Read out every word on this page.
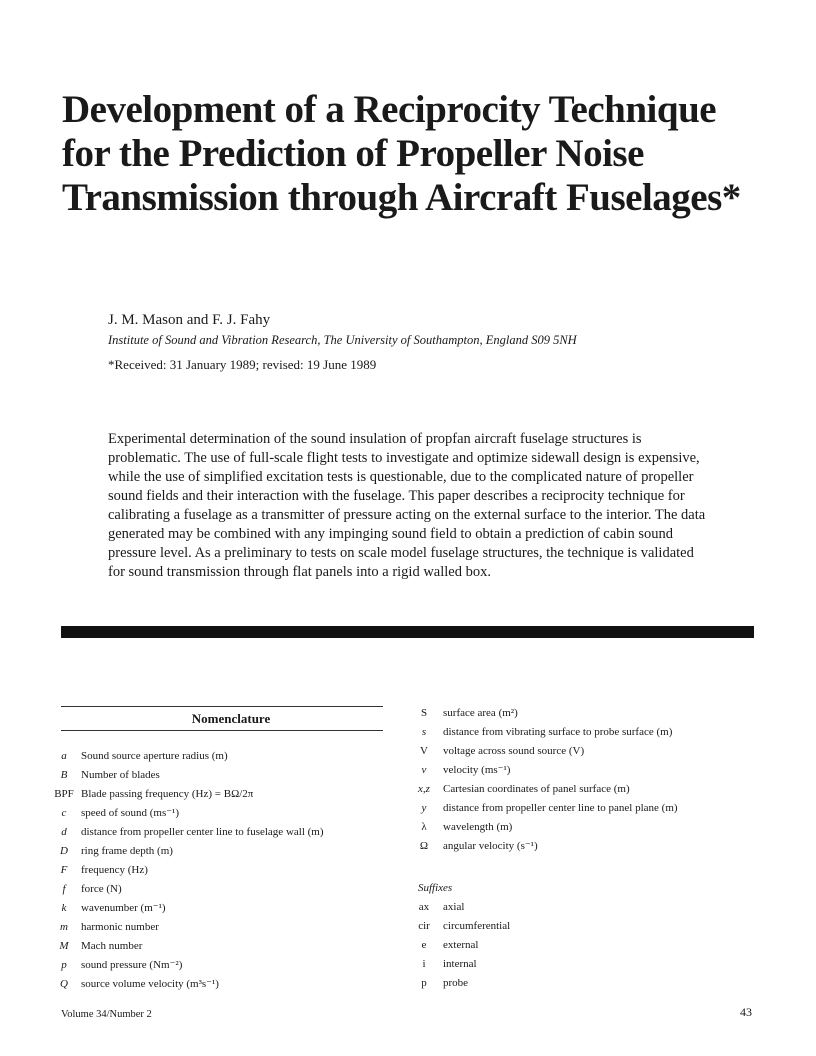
Development of a Reciprocity Technique for the Prediction of Propeller Noise Transmission through Aircraft Fuselages*
J. M. Mason and F. J. Fahy
Institute of Sound and Vibration Research, The University of Southampton, England S09 5NH
*Received: 31 January 1989; revised: 19 June 1989

Experimental determination of the sound insulation of propfan aircraft fuselage structures is problematic. The use of full-scale flight tests to investigate and optimize sidewall design is expensive, while the use of simplified excitation tests is questionable, due to the complicated nature of propeller sound fields and their interaction with the fuselage. This paper describes a reciprocity technique for calibrating a fuselage as a transmitter of pressure acting on the external surface to the interior. The data generated may be combined with any impinging sound field to obtain a prediction of cabin sound pressure level. As a preliminary to tests on scale model fuselage structures, the technique is validated for sound transmission through flat panels into a rigid walled box.

Nomenclature
a	Sound source aperture radius (m)
B	Number of blades
BPF Blade passing frequency (Hz) = BΩ/2π
c	speed of sound (ms⁻¹)
d	distance from propeller center line to fuselage wall (m)
D	ring frame depth (m)
F	frequency (Hz)
f	force (N)
k	wavenumber (m⁻¹)
m	harmonic number
M	Mach number
p	sound pressure (Nm⁻²)
Q	source volume velocity (m³s⁻¹)
S	surface area (m²)
s	distance from vibrating surface to probe surface (m)
V	voltage across sound source (V)
v	velocity (ms⁻¹)
x,z	Cartesian coordinates of panel surface (m)
y	distance from propeller center line to panel plane (m)
λ	wavelength (m)
Ω	angular velocity (s⁻¹)
Suffixes
ax	axial
cir	circumferential
e	external
i	internal
p	probe
Volume 34/Number 2	43
